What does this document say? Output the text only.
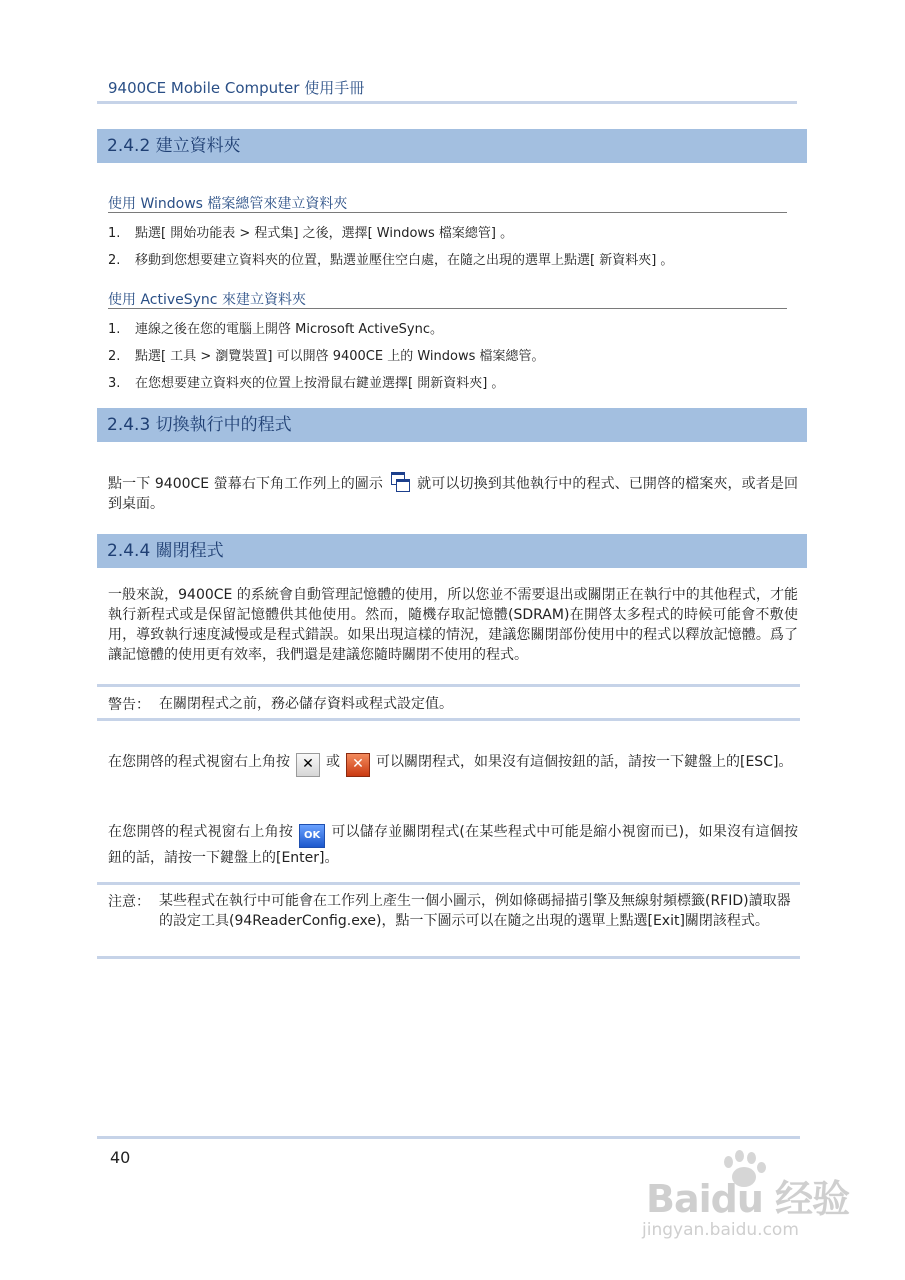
9400CE Mobile Computer 使用手冊
2.4.2 建立資料夾
使用 Windows 檔案總管來建立資料夾
1. 點選[ 開始功能表 > 程式集] 之後，選擇[ Windows 檔案總管] 。
2. 移動到您想要建立資料夾的位置，點選並壓住空白處，在隨之出現的選單上點選[ 新資料夾] 。
使用 ActiveSync 來建立資料夾
1. 連線之後在您的電腦上開啓 Microsoft ActiveSync。
2. 點選[ 工具 > 瀏覽裝置] 可以開啓 9400CE 上的 Windows 檔案總管。
3. 在您想要建立資料夾的位置上按滑鼠右鍵並選擇[ 開新資料夾] 。
2.4.3 切換執行中的程式
點一下 9400CE 螢幕右下角工作列上的圖示 就可以切換到其他執行中的程式、已開啓的檔案夾，或者是回到桌面。
2.4.4 關閉程式
一般來說，9400CE 的系統會自動管理記憶體的使用，所以您並不需要退出或關閉正在執行中的其他程式，才能執行新程式或是保留記憶體供其他使用。然而，隨機存取記憶體(SDRAM)在開啓太多程式的時候可能會不敷使用，導致執行速度減慢或是程式錯誤。如果出現這樣的情況，建議您關閉部份使用中的程式以釋放記憶體。爲了讓記憶體的使用更有效率，我們還是建議您隨時關閉不使用的程式。
警告： 在關閉程式之前，務必儲存資料或程式設定值。
在您開啓的程式視窗右上角按 ✕ 或 ✕ 可以關閉程式，如果沒有這個按鈕的話，請按一下鍵盤上的[ESC]。
在您開啓的程式視窗右上角按 OK 可以儲存並關閉程式(在某些程式中可能是縮小視窗而已)，如果沒有這個按鈕的話，請按一下鍵盤上的[Enter]。
注意： 某些程式在執行中可能會在工作列上產生一個小圖示，例如條碼掃描引擎及無線射頻標籤(RFID)讀取器的設定工具(94ReaderConfig.exe)，點一下圖示可以在隨之出現的選單上點選[Exit]關閉該程式。
40
Baidu 经验
jingyan.baidu.com
